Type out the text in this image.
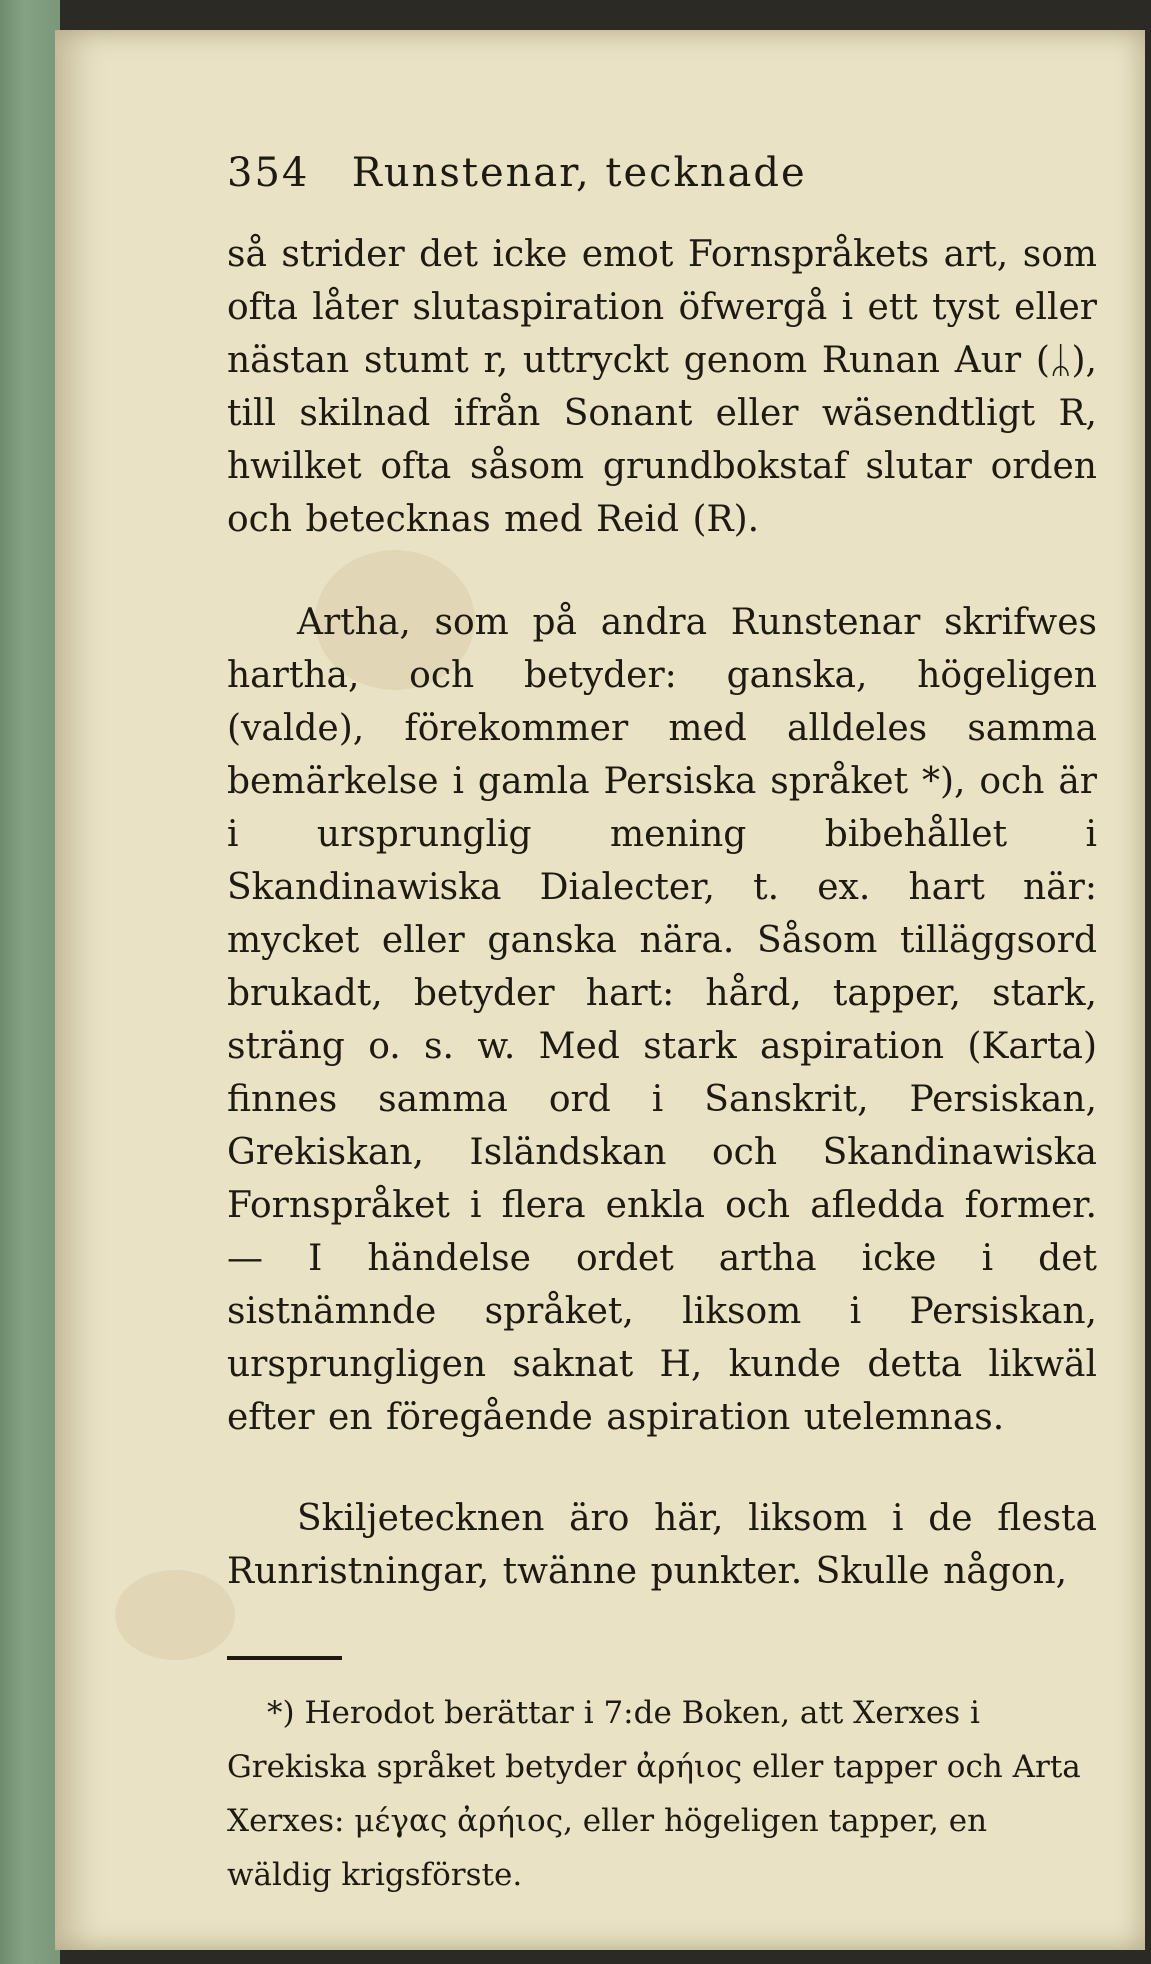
354 Runstenar, tecknade

så strider det icke emot Fornspråkets art, som ofta låter slutaspiration öfwergå i ett tyst eller nästan stumt r, uttryckt genom Runan Aur (ᛦ), till skilnad ifrån Sonant eller wäsendtligt R, hwilket ofta såsom grundbokstaf slutar orden och betecknas med Reid (R).

Artha, som på andra Runstenar skrifwes hartha, och betyder: ganska, högeligen (valde), förekommer med alldeles samma bemärkelse i gamla Persiska språket *), och är i ursprunglig mening bibehållet i Skandinawiska Dialecter, t. ex. hart när: mycket eller ganska nära. Såsom tilläggsord brukadt, betyder hart: hård, tapper, stark, sträng o. s. w. Med stark aspiration (Karta) finnes samma ord i Sanskrit, Persiskan, Grekiskan, Isländskan och Skandinawiska Fornspråket i flera enkla och afledda former. — I händelse ordet artha icke i det sistnämnde språket, liksom i Persiskan, ursprungligen saknat H, kunde detta likwäl efter en föregående aspiration utelemnas.

Skiljetecknen äro här, liksom i de flesta Runristningar, twänne punkter. Skulle någon,

*) Herodot berättar i 7:de Boken, att Xerxes i Grekiska språket betyder ἀρήιος eller tapper och Arta Xerxes: μέγας ἀρήιος, eller högeligen tapper, en wäldig krigsförste.
